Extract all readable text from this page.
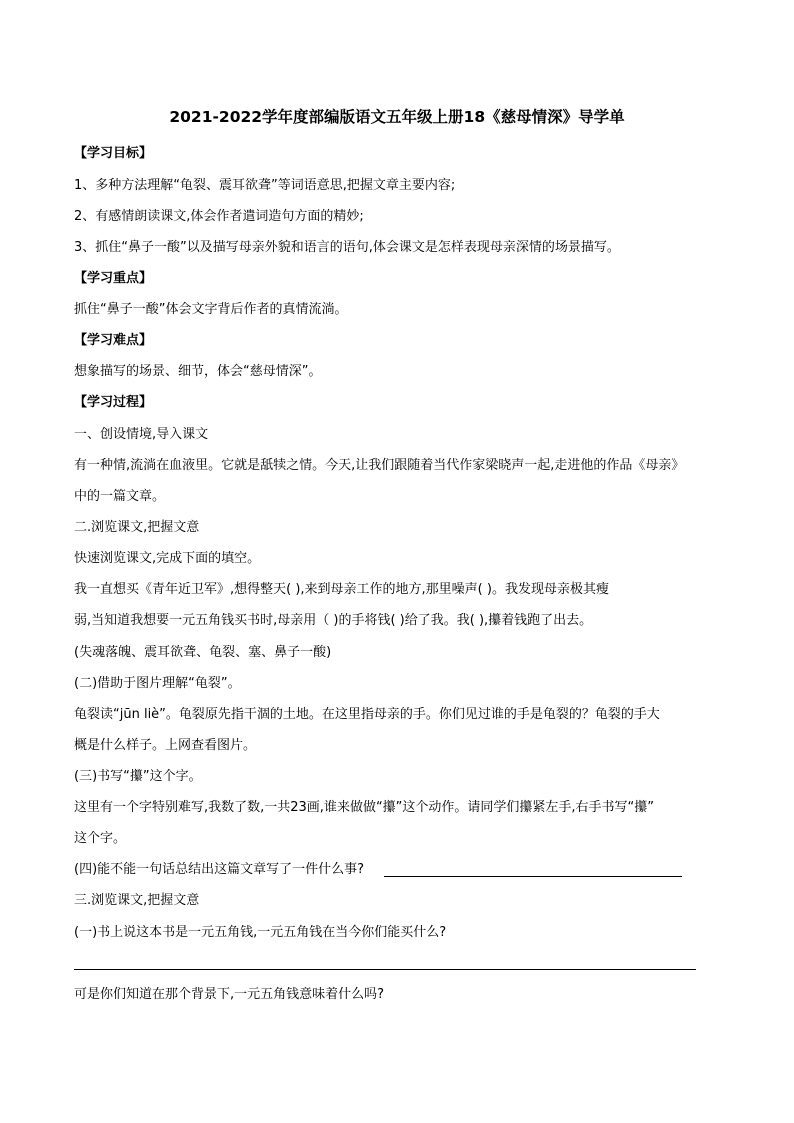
2021-2022学年度部编版语文五年级上册18《慈母情深》导学单
【学习目标】
1、多种方法理解“龟裂、震耳欲聋”等词语意思,把握文章主要内容;
2、有感情朗读课文,体会作者遣词造句方面的精妙;
3、抓住“鼻子一酸”以及描写母亲外貌和语言的语句,体会课文是怎样表现母亲深情的场景描写。
【学习重点】
抓住“鼻子一酸”体会文字背后作者的真情流淌。
【学习难点】
想象描写的场景、细节，体会“慈母情深”。
【学习过程】
一、创设情境,导入课文
有一种情,流淌在血液里。它就是舐犊之情。今天,让我们跟随着当代作家梁晓声一起,走进他的作品《母亲》
中的一篇文章。
二.浏览课文,把握文意
快速浏览课文,完成下面的填空。
我一直想买《青年近卫军》,想得整天( ),来到母亲工作的地方,那里噪声( )。我发现母亲极其瘦
弱,当知道我想要一元五角钱买书时,母亲用（ )的手将钱( )给了我。我( ),攥着钱跑了出去。
(失魂落魄、震耳欲聋、龟裂、塞、鼻子一酸)
(二)借助于图片理解“龟裂”。
龟裂读“jūn liè”。龟裂原先指干涸的土地。在这里指母亲的手。你们见过谁的手是龟裂的？龟裂的手大
概是什么样子。上网查看图片。
(三)书写“攥”这个字。
这里有一个字特别难写,我数了数,一共23画,谁来做做“攥”这个动作。请同学们攥紧左手,右手书写“攥”
这个字。
(四)能不能一句话总结出这篇文章写了一件什么事?
三.浏览课文,把握文意
(一)书上说这本书是一元五角钱,一元五角钱在当今你们能买什么?
可是你们知道在那个背景下,一元五角钱意味着什么吗?
